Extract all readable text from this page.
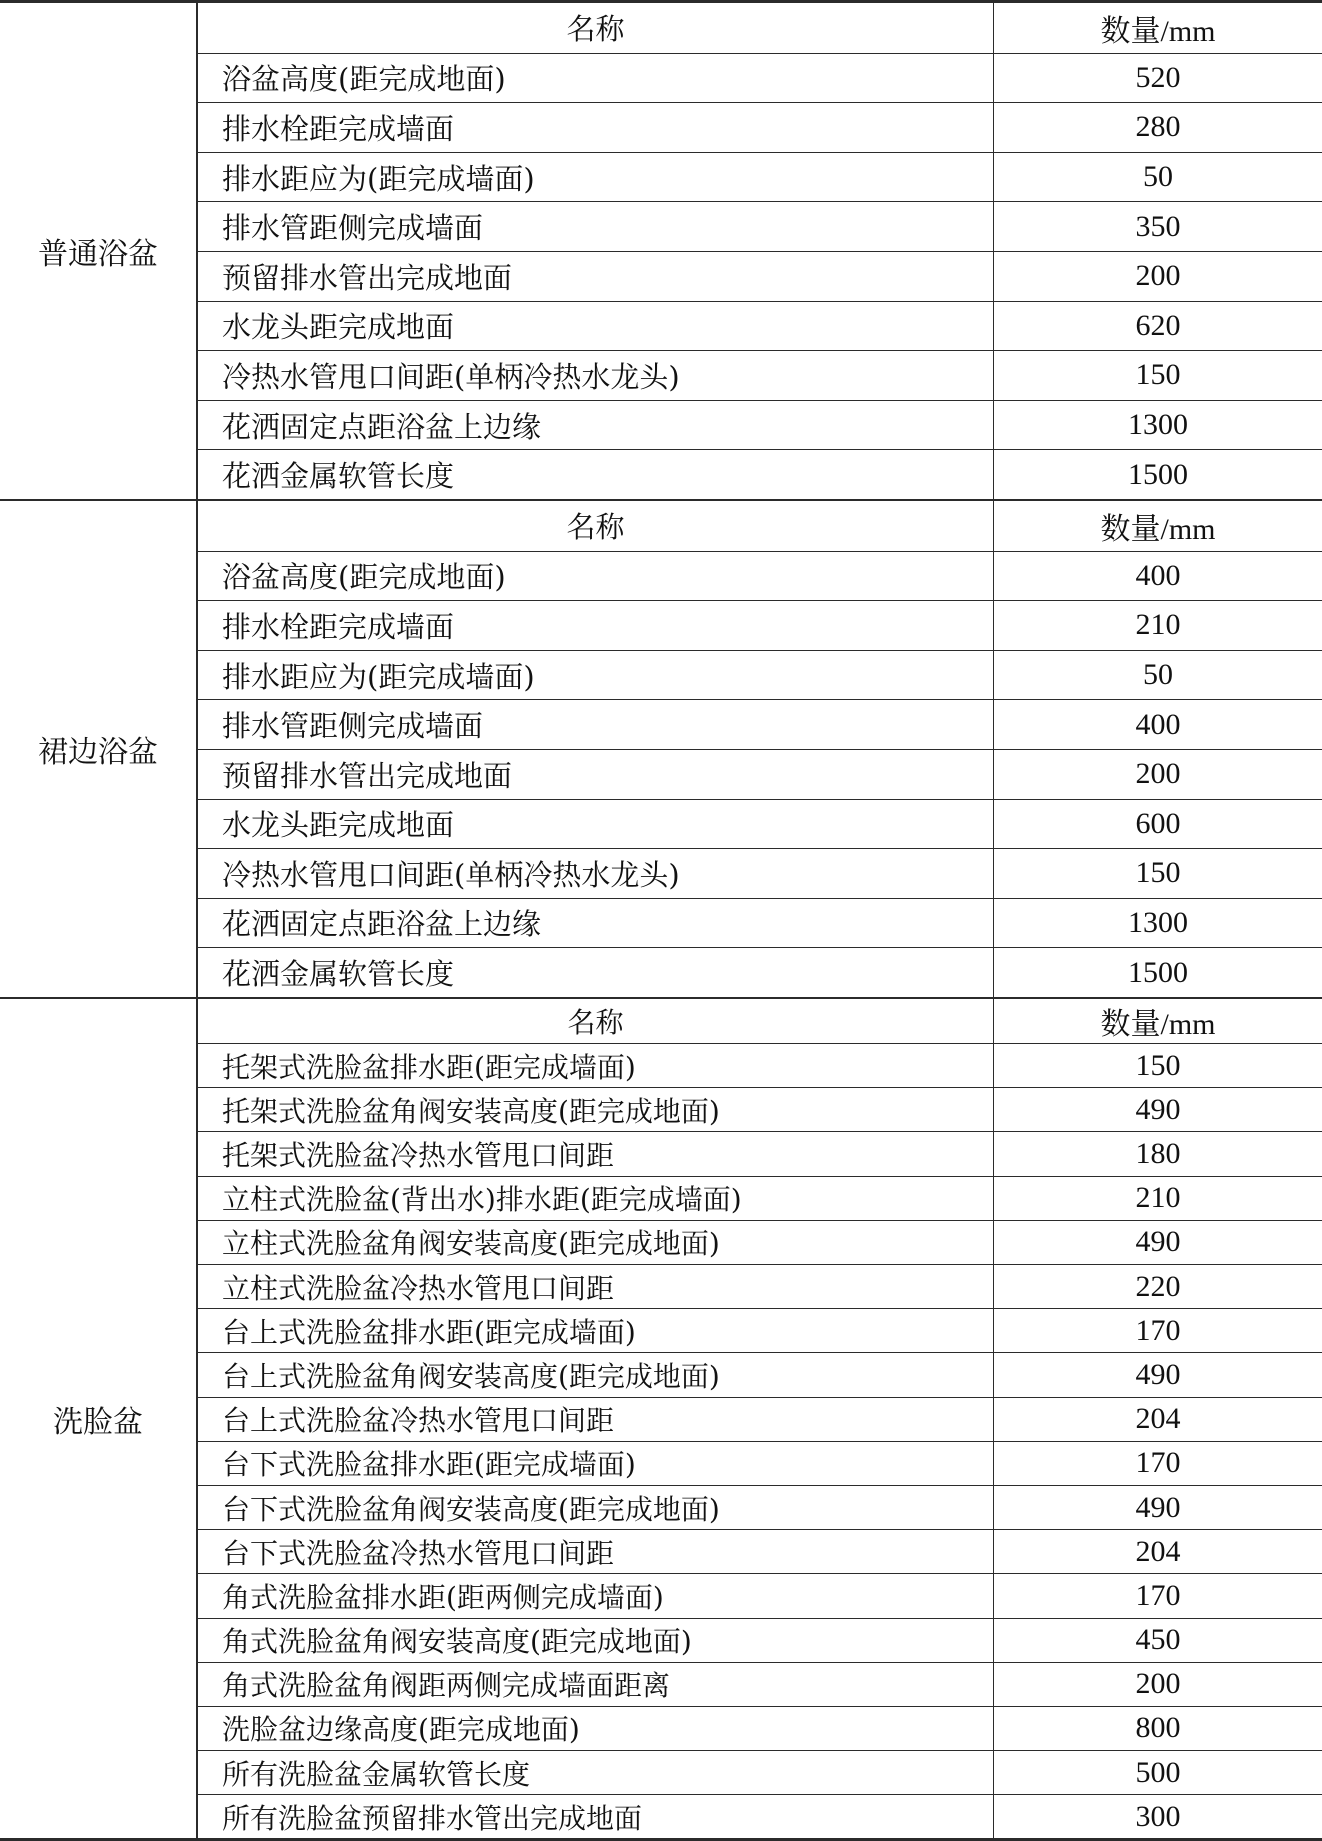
普通浴盆
名称	数量/mm
浴盆高度(距完成地面)	520
排水栓距完成墙面	280
排水距应为(距完成墙面)	50
排水管距侧完成墙面	350
预留排水管出完成地面	200
水龙头距完成地面	620
冷热水管甩口间距(单柄冷热水龙头)	150
花洒固定点距浴盆上边缘	1300
花洒金属软管长度	1500
裙边浴盆
名称	数量/mm
浴盆高度(距完成地面)	400
排水栓距完成墙面	210
排水距应为(距完成墙面)	50
排水管距侧完成墙面	400
预留排水管出完成地面	200
水龙头距完成地面	600
冷热水管甩口间距(单柄冷热水龙头)	150
花洒固定点距浴盆上边缘	1300
花洒金属软管长度	1500
洗脸盆
名称	数量/mm
托架式洗脸盆排水距(距完成墙面)	150
托架式洗脸盆角阀安装高度(距完成地面)	490
托架式洗脸盆冷热水管甩口间距	180
立柱式洗脸盆(背出水)排水距(距完成墙面)	210
立柱式洗脸盆角阀安装高度(距完成地面)	490
立柱式洗脸盆冷热水管甩口间距	220
台上式洗脸盆排水距(距完成墙面)	170
台上式洗脸盆角阀安装高度(距完成地面)	490
台上式洗脸盆冷热水管甩口间距	204
台下式洗脸盆排水距(距完成墙面)	170
台下式洗脸盆角阀安装高度(距完成地面)	490
台下式洗脸盆冷热水管甩口间距	204
角式洗脸盆排水距(距两侧完成墙面)	170
角式洗脸盆角阀安装高度(距完成地面)	450
角式洗脸盆角阀距两侧完成墙面距离	200
洗脸盆边缘高度(距完成地面)	800
所有洗脸盆金属软管长度	500
所有洗脸盆预留排水管出完成地面	300
